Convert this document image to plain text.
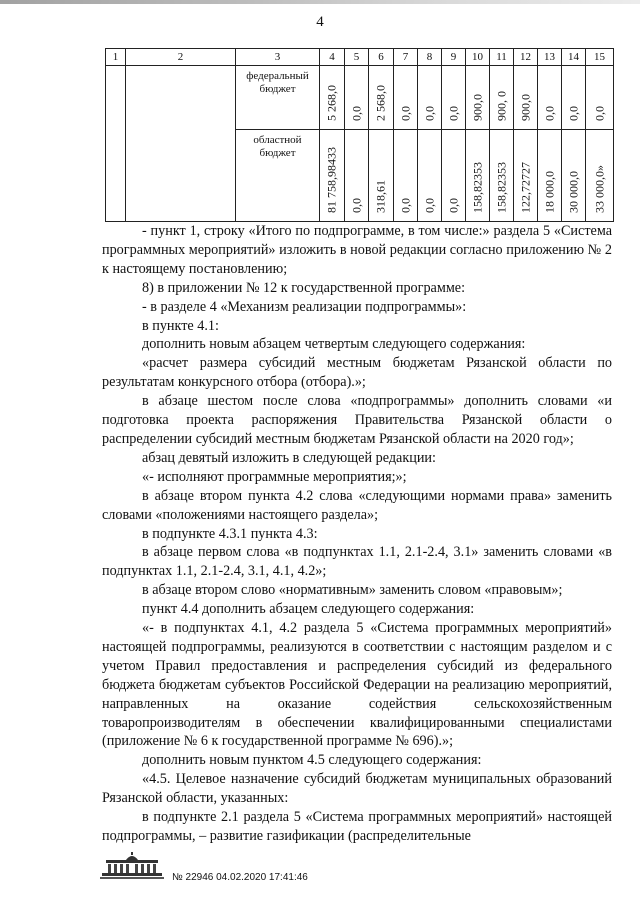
4
1	2	3	4	5	6	7	8	9	10	11	12	13	14	15
		федеральный бюджет	5 268,0	0,0	2 568,0	0,0	0,0	0,0	900,0	900, 0	900,0	0,0	0,0	0,0

		областной бюджет	81 758,98433	0,0	318,61	0,0	0,0	0,0	158,82353	158,82353	122,72727	18 000,0	30 000,0	33 000,0»

- пункт 1, строку «Итого по подпрограмме, в том числе:» раздела 5 «Система программных мероприятий» изложить в новой редакции согласно приложению № 2 к настоящему постановлению;

8) в приложении № 12 к государственной программе:

- в разделе 4 «Механизм реализации подпрограммы»:

в пункте 4.1:

дополнить новым абзацем четвертым следующего содержания:

«расчет размера субсидий местным бюджетам Рязанской области по результатам конкурсного отбора (отбора).»;

в абзаце шестом после слова «подпрограммы» дополнить словами «и подготовка проекта распоряжения Правительства Рязанской области о распределении субсидий местным бюджетам Рязанской области на 2020 год»;

абзац девятый изложить в следующей редакции:

«- исполняют программные мероприятия;»;

в абзаце втором пункта 4.2 слова «следующими нормами права» заменить словами «положениями настоящего раздела»;

в подпункте 4.3.1 пункта 4.3:

в абзаце первом слова «в подпунктах 1.1, 2.1-2.4, 3.1» заменить словами «в подпунктах 1.1, 2.1-2.4, 3.1, 4.1, 4.2»;

в абзаце втором слово «нормативным» заменить словом «правовым»;

пункт 4.4 дополнить абзацем следующего содержания:

«- в подпунктах 4.1, 4.2 раздела 5 «Система программных мероприятий» настоящей подпрограммы, реализуются в соответствии с настоящим разделом и с учетом Правил предоставления и распределения субсидий из федерального бюджета бюджетам субъектов Российской Федерации на реализацию мероприятий, направленных на оказание содействия сельскохозяйственным товаропроизводителям в обеспечении квалифицированными специалистами (приложение № 6 к государственной программе № 696).»;

дополнить новым пунктом 4.5 следующего содержания:

«4.5. Целевое назначение субсидий бюджетам муниципальных образований Рязанской области, указанных:

в подпункте 2.1 раздела 5 «Система программных мероприятий» настоящей подпрограммы, – развитие газификации (распределительные

№ 22946 04.02.2020 17:41:46
